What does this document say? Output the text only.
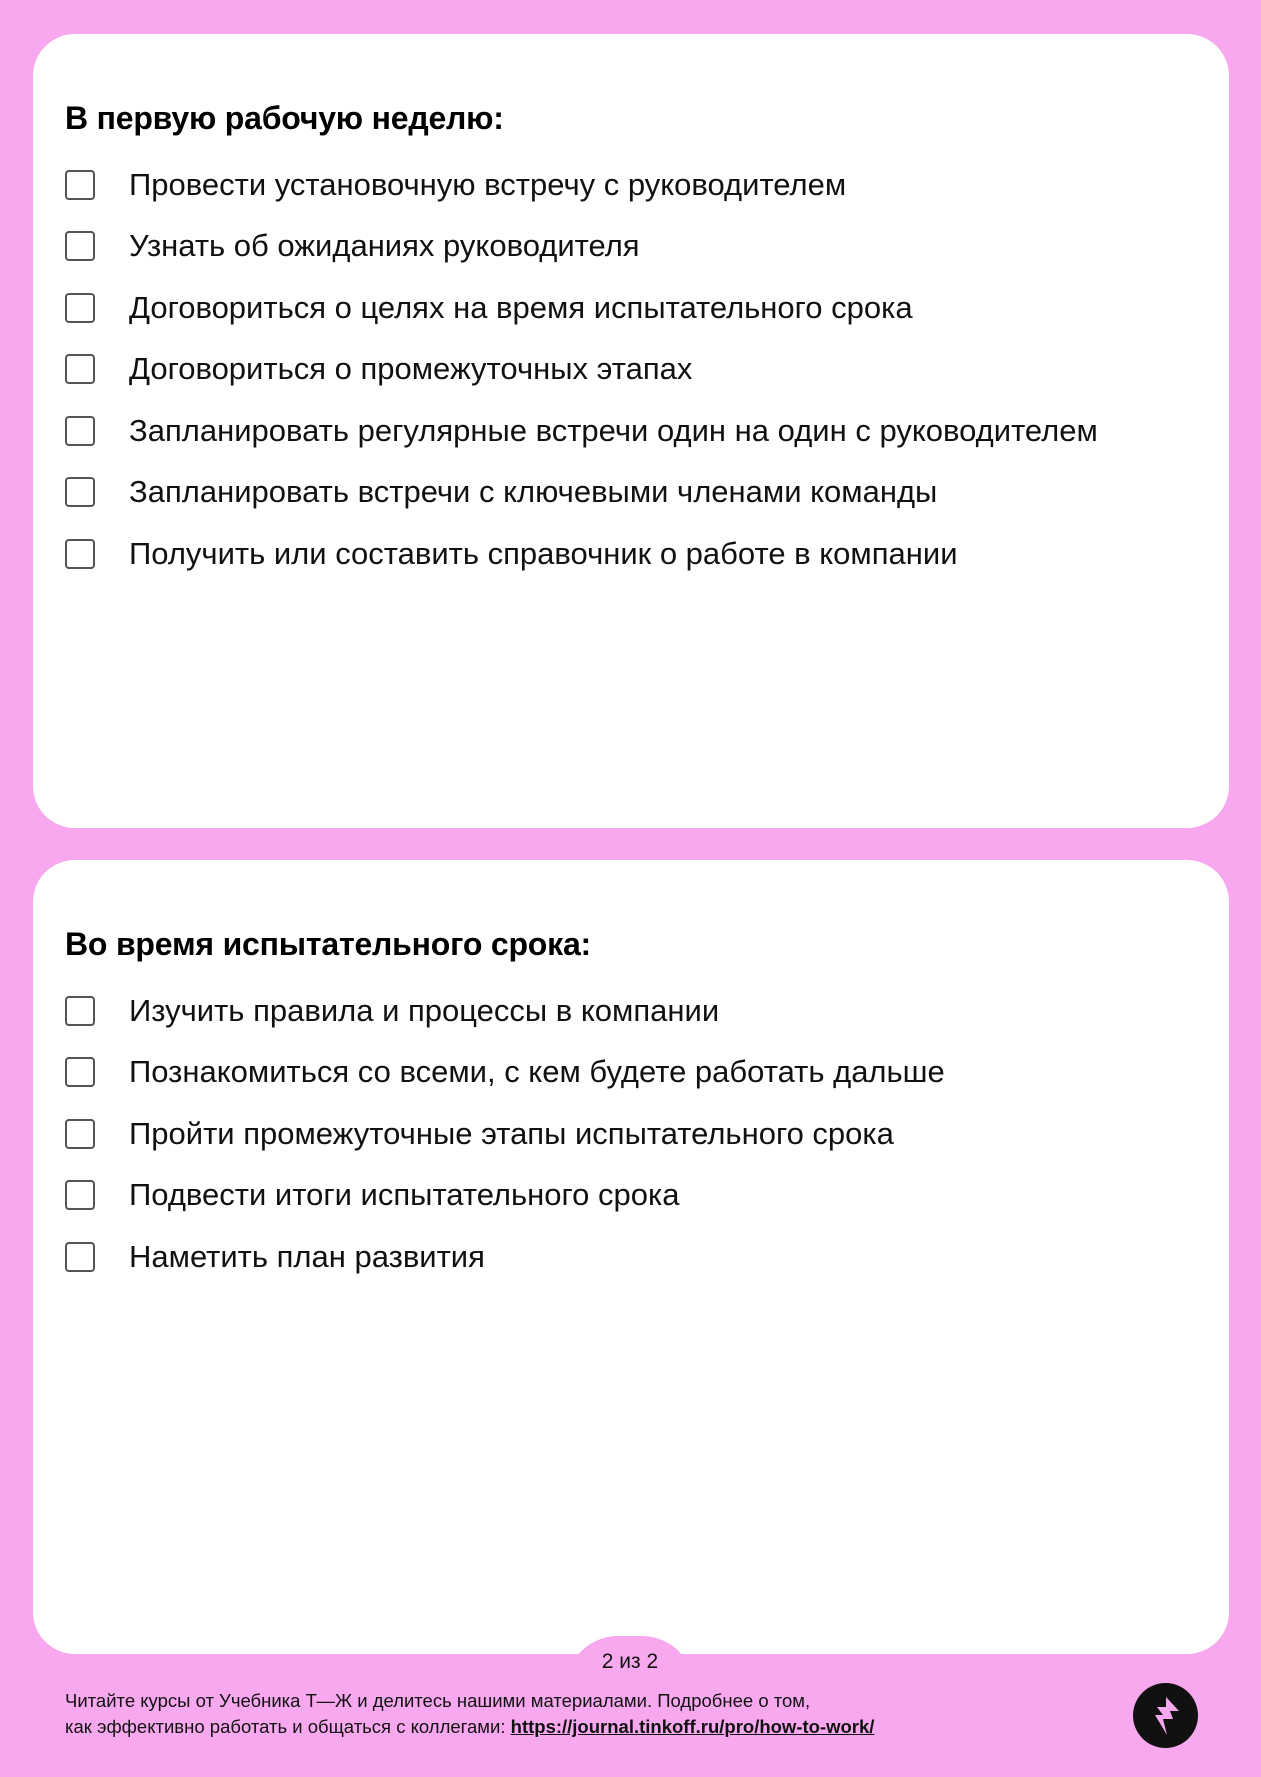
В первую рабочую неделю:
Провести установочную встречу с руководителем
Узнать об ожиданиях руководителя
Договориться о целях на время испытательного срока
Договориться о промежуточных этапах
Запланировать регулярные встречи один на один с руководителем
Запланировать встречи с ключевыми членами команды
Получить или составить справочник о работе в компании
Во время испытательного срока:
Изучить правила и процессы в компании
Познакомиться со всеми, с кем будете работать дальше
Пройти промежуточные этапы испытательного срока
Подвести итоги испытательного срока
Наметить план развития
2 из 2
Читайте курсы от Учебника Т—Ж и делитесь нашими материалами. Подробнее о том,
как эффективно работать и общаться с коллегами: https://journal.tinkoff.ru/pro/how-to-work/
